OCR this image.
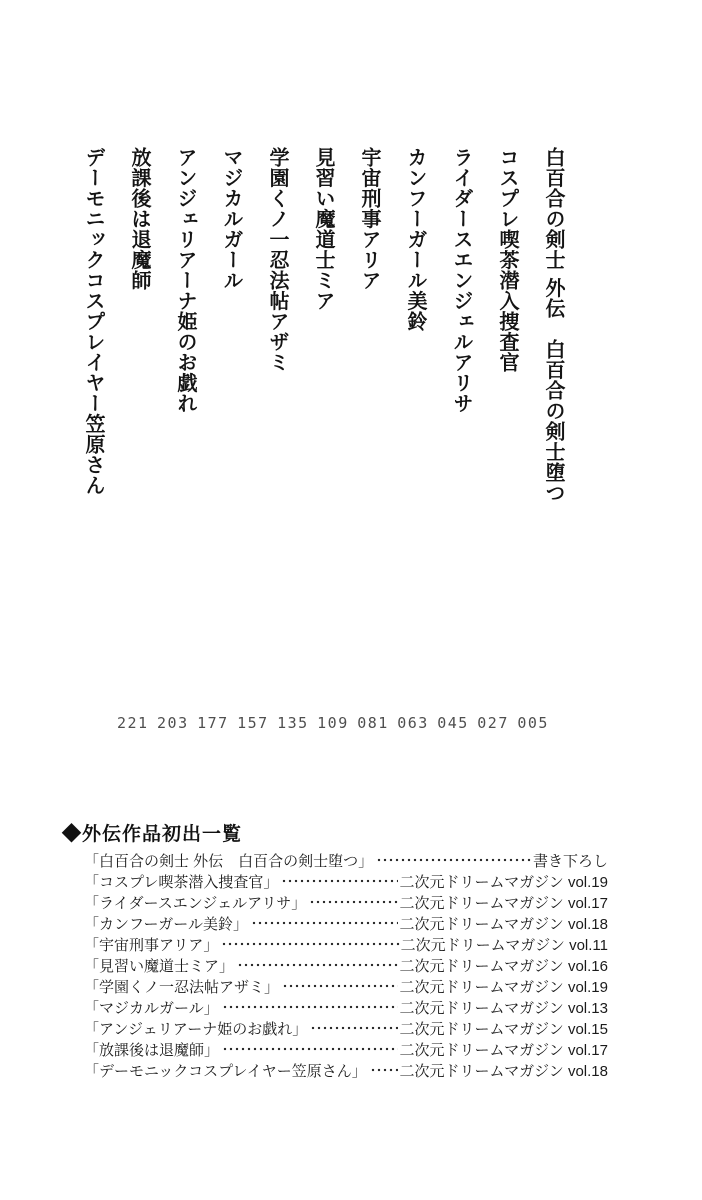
白百合の剣士 外伝　白百合の剣士堕つ
コスプレ喫茶潜入捜査官
ライダースエンジェルアリサ
カンフーガール美鈴
宇宙刑事アリア
見習い魔道士ミア
学園くノ一忍法帖アザミ
マジカルガール
アンジェリアーナ姫のお戯れ
放課後は退魔師
デーモニックコスプレイヤー笠原さん
221 203 177 157 135 109 081 063 045 027 005
◆外伝作品初出一覧
「白百合の剣士 外伝　白百合の剣士堕つ」	書き下ろし
「コスプレ喫茶潜入捜査官」	二次元ドリームマガジン vol.19
「ライダースエンジェルアリサ」	二次元ドリームマガジン vol.17
「カンフーガール美鈴」	二次元ドリームマガジン vol.18
「宇宙刑事アリア」	二次元ドリームマガジン vol.11
「見習い魔道士ミア」	二次元ドリームマガジン vol.16
「学園くノ一忍法帖アザミ」	二次元ドリームマガジン vol.19
「マジカルガール」	二次元ドリームマガジン vol.13
「アンジェリアーナ姫のお戯れ」	二次元ドリームマガジン vol.15
「放課後は退魔師」	二次元ドリームマガジン vol.17
「デーモニックコスプレイヤー笠原さん」 二次元ドリームマガジン vol.18
